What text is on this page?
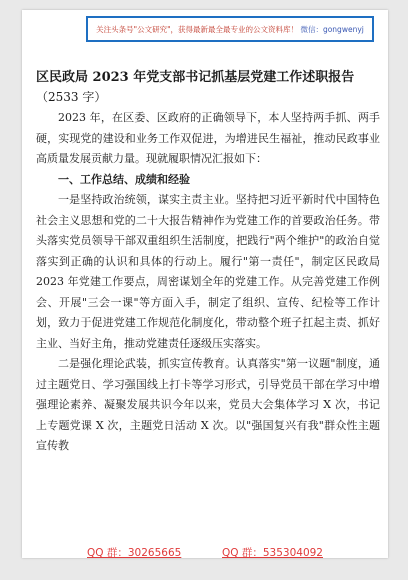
关注头条号"公文研究"，获得最新最全最专业的公文资料库！ 微信：gongwenyj
区民政局 2023 年党支部书记抓基层党建工作述职报告
（2533 字）

2023 年，在区委、区政府的正确领导下，本人坚持两手抓、两手硬，实现党的建设和业务工作双促进，为增进民生福祉，推动民政事业高质量发展贡献力量。现就履职情况汇报如下：

一、工作总结、成绩和经验

一是坚持政治统领，谋实主责主业。坚持把习近平新时代中国特色社会主义思想和党的二十大报告精神作为党建工作的首要政治任务。带头落实党员领导干部双重组织生活制度，把践行"两个维护"的政治自觉落实到正确的认识和具体的行动上。履行"第一责任"，制定区民政局 2023 年党建工作要点，周密谋划全年的党建工作。从完善党建工作例会、开展"三会一课"等方面入手，制定了组织、宣传、纪检等工作计划，致力于促进党建工作规范化制度化，带动整个班子扛起主责、抓好主业、当好主角，推动党建责任逐级压实落实。

二是强化理论武装，抓实宣传教育。认真落实"第一议题"制度，通过主题党日、学习强国线上打卡等学习形式，引导党员干部在学习中增强理论素养、凝聚发展共识今年以来，党员大会集体学习 X 次，书记上专题党课 X 次，主题党日活动 X 次。以"强国复兴有我"群众性主题宣传教

QQ 群：30265665	QQ 群：535304092
